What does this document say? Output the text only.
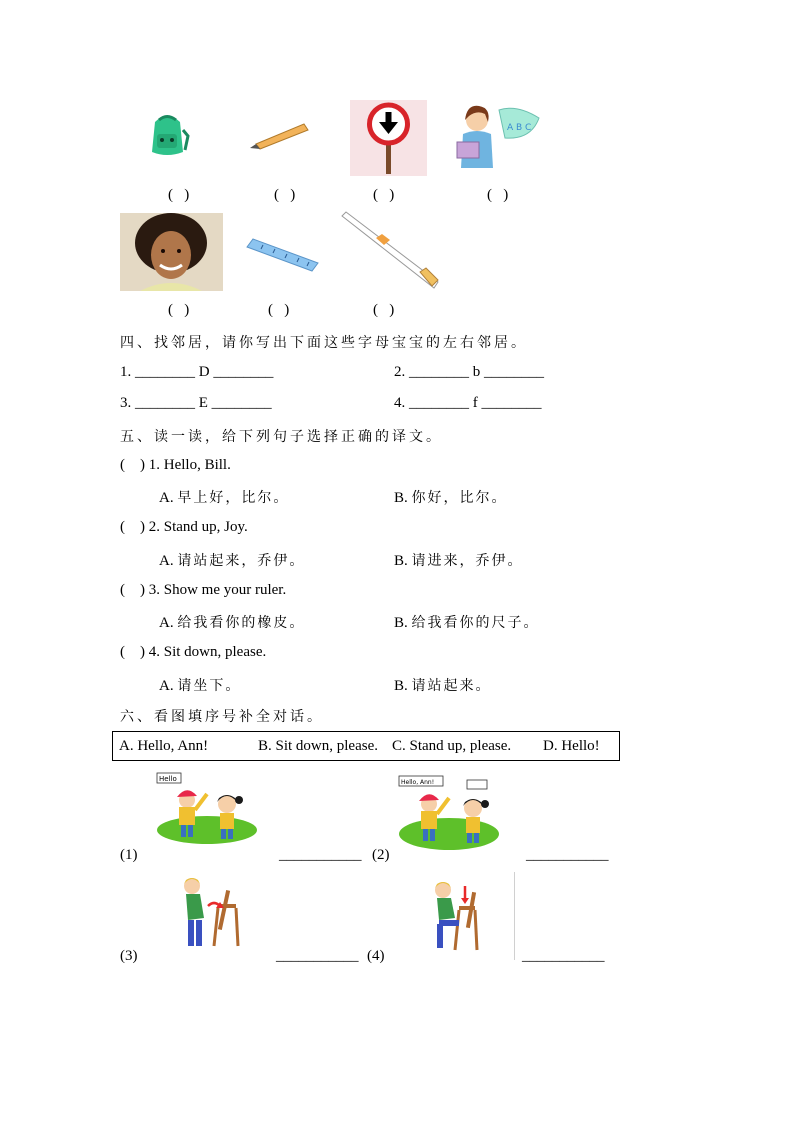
A B C
(   )	(   )	(   )	(   )
(   )	(   )	(   )
四、找邻居，请你写出下面这些字母宝宝的左右邻居。
1. ________ D ________	2. ________ b ________
3. ________ E ________	4. ________ f ________
五、读一读，给下列句子选择正确的译文。
(    ) 1. Hello, Bill.
A. 早上好，比尔。	B. 你好，比尔。
(    ) 2. Stand up, Joy.
A. 请站起来，乔伊。	B. 请进来，乔伊。
(    ) 3. Show me your ruler.
A. 给我看你的橡皮。	B. 给我看你的尺子。
(    ) 4. Sit down, please.
A. 请坐下。	B. 请站起来。
六、看图填序号补全对话。
A. Hello, Ann!	B. Sit down, please. C. Stand up, please. D. Hello!
Hello
(1)	___________ (2)
Hello, Ann!
___________
(3)	___________ (4)	___________
